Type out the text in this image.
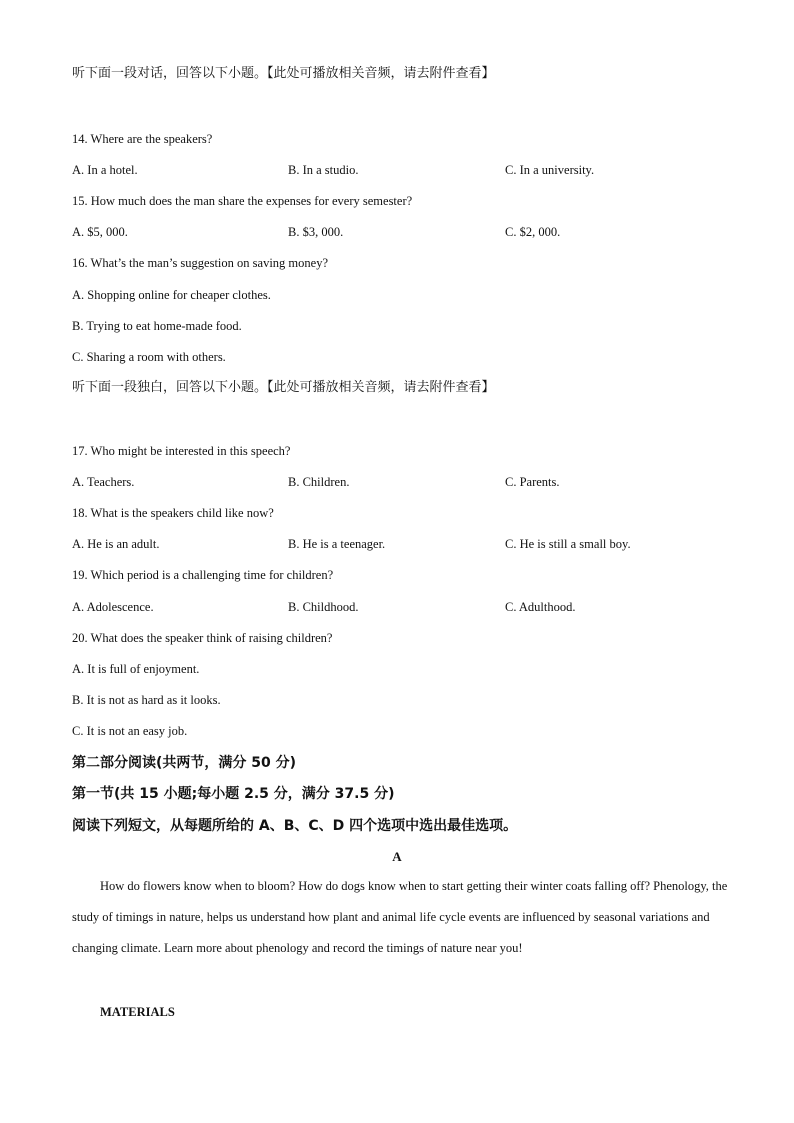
听下面一段对话，回答以下小题。【此处可播放相关音频，请去附件查看】
14. Where are the speakers?
A. In a hotel.	B. In a studio.	C. In a university.
15. How much does the man share the expenses for every semester?
A. $5, 000.	B. $3, 000.	C. $2, 000.
16. What’s the man’s suggestion on saving money?
A. Shopping online for cheaper clothes.
B. Trying to eat home-made food.
C. Sharing a room with others.
听下面一段独白，回答以下小题。【此处可播放相关音频，请去附件查看】
17. Who might be interested in this speech?
A. Teachers.	B. Children.	C. Parents.
18. What is the speakers child like now?
A. He is an adult.	B. He is a teenager.	C. He is still a small boy.
19. Which period is a challenging time for children?
A. Adolescence.	B. Childhood.	C. Adulthood.
20. What does the speaker think of raising children?
A. It is full of enjoyment.
B. It is not as hard as it looks.
C. It is not an easy job.
第二部分阅读(共两节，满分 50 分)
第一节(共 15 小题;每小题 2.5 分，满分 37.5 分)
阅读下列短文，从每题所给的 A、B、C、D 四个选项中选出最佳选项。
A
How do flowers know when to bloom? How do dogs know when to start getting their winter coats falling off? Phenology, the study of timings in nature, helps us understand how plant and animal life cycle events are influenced by seasonal variations and changing climate. Learn more about phenology and record the timings of nature near you!
MATERIALS
